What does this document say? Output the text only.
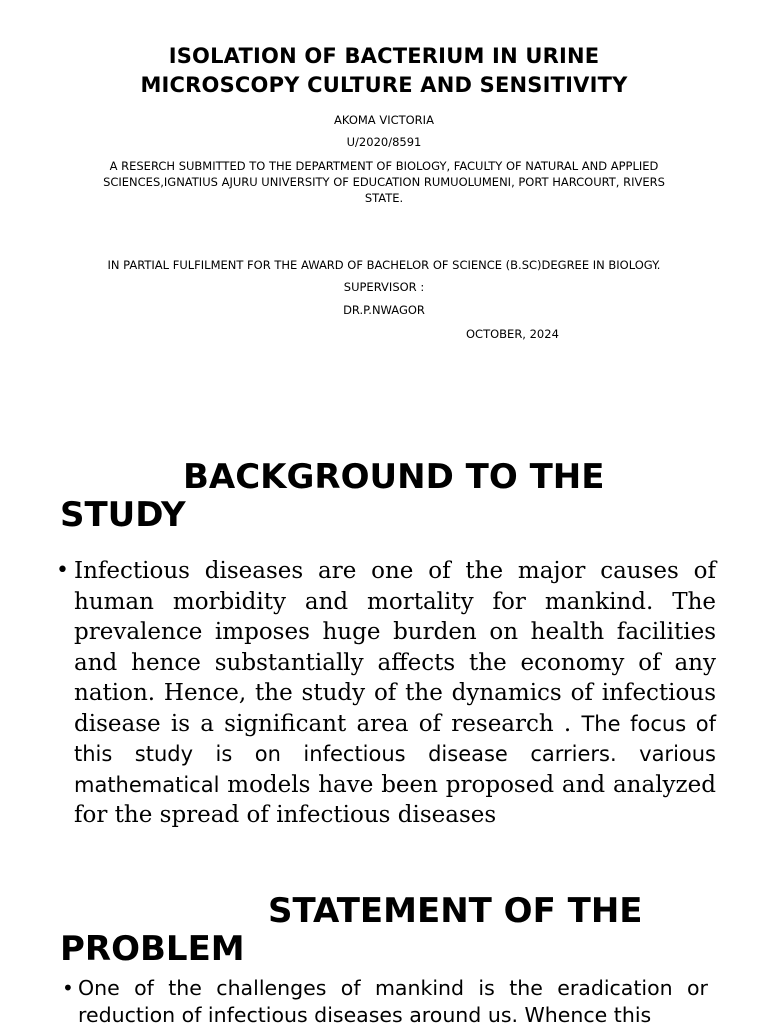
ISOLATION OF BACTERIUM IN URINE
MICROSCOPY CULTURE AND SENSITIVITY

AKOMA VICTORIA

U/2020/8591

A RESERCH SUBMITTED TO THE DEPARTMENT OF BIOLOGY, FACULTY OF NATURAL AND APPLIED SCIENCES,IGNATIUS AJURU UNIVERSITY OF EDUCATION RUMUOLUMENI, PORT HARCOURT, RIVERS STATE.

IN PARTIAL FULFILMENT FOR THE AWARD OF BACHELOR OF SCIENCE (B.SC)DEGREE IN BIOLOGY.

SUPERVISOR :

DR.P.NWAGOR

OCTOBER, 2024

BACKGROUND TO THE STUDY
• Infectious diseases are one of the major causes of human morbidity and mortality for mankind. The prevalence imposes huge burden on health facilities and hence substantially affects the economy of any nation. Hence, the study of the dynamics of infectious disease is a significant area of research . The focus of this study is on infectious disease carriers. various mathematical models have been proposed and analyzed for the spread of infectious diseases

STATEMENT OF THE PROBLEM
• One of the challenges of mankind is the eradication or reduction of infectious diseases around us. Whence this
